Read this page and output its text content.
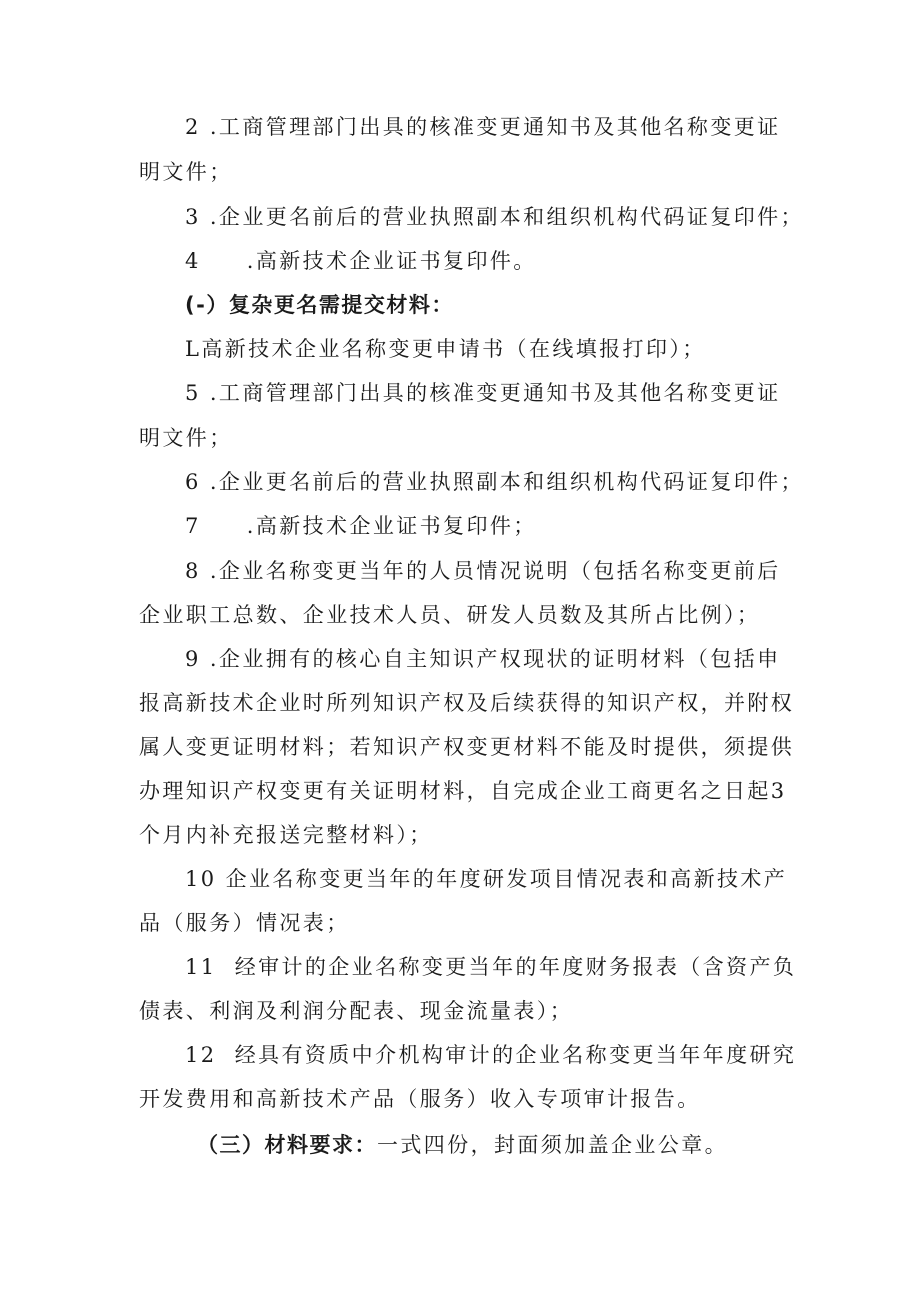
2 .工商管理部门出具的核准变更通知书及其他名称变更证
明文件；
3 .企业更名前后的营业执照副本和组织机构代码证复印件；
4 .高新技术企业证书复印件。
(-）复杂更名需提交材料：
L高新技术企业名称变更申请书（在线填报打印）；
5 .工商管理部门出具的核准变更通知书及其他名称变更证
明文件；
6 .企业更名前后的营业执照副本和组织机构代码证复印件；
7 .高新技术企业证书复印件；
8 .企业名称变更当年的人员情况说明（包括名称变更前后
企业职工总数、企业技术人员、研发人员数及其所占比例）；
9 .企业拥有的核心自主知识产权现状的证明材料（包括申
报高新技术企业时所列知识产权及后续获得的知识产权，并附权
属人变更证明材料；若知识产权变更材料不能及时提供，须提供
办理知识产权变更有关证明材料，自完成企业工商更名之日起3
个月内补充报送完整材料）；
10 企业名称变更当年的年度研发项目情况表和高新技术产
品（服务）情况表；
11 经审计的企业名称变更当年的年度财务报表（含资产负
债表、利润及利润分配表、现金流量表）；
12 经具有资质中介机构审计的企业名称变更当年年度研究
开发费用和高新技术产品（服务）收入专项审计报告。
（三）材料要求：一式四份，封面须加盖企业公章。
